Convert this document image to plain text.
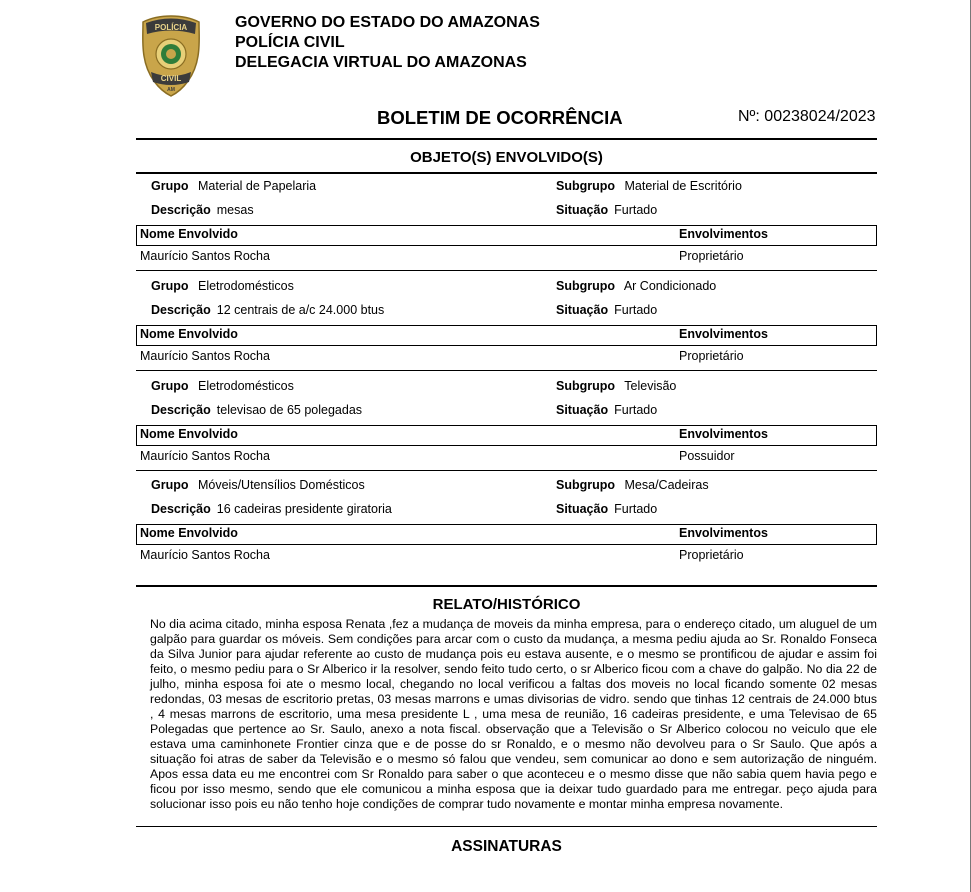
POLÍCIA
CIVIL
AM
GOVERNO DO ESTADO DO AMAZONAS
POLÍCIA CIVIL
DELEGACIA VIRTUAL DO AMAZONAS
BOLETIM DE OCORRÊNCIA	Nº: 00238024/2023
OBJETO(S) ENVOLVIDO(S)
Grupo Material de Papelaria	Subgrupo Material de Escritório
Descrição mesas	Situação Furtado
Nome Envolvido	Envolvimentos
Maurício Santos Rocha	Proprietário
Grupo Eletrodomésticos	Subgrupo Ar Condicionado
Descrição 12 centrais de a/c 24.000 btus	Situação Furtado
Nome Envolvido	Envolvimentos
Maurício Santos Rocha	Proprietário
Grupo Eletrodomésticos	Subgrupo Televisão
Descrição televisao de 65 polegadas	Situação Furtado
Nome Envolvido	Envolvimentos
Maurício Santos Rocha	Possuidor
Grupo Móveis/Utensílios Domésticos	Subgrupo Mesa/Cadeiras
Descrição 16 cadeiras presidente giratoria	Situação Furtado
Nome Envolvido	Envolvimentos
Maurício Santos Rocha	Proprietário
RELATO/HISTÓRICO
No dia acima citado, minha esposa Renata ,fez a mudança de moveis da minha empresa, para o endereço citado, um aluguel de um galpão para guardar os móveis. Sem condições para arcar com o custo da mudança, a mesma pediu ajuda ao Sr. Ronaldo Fonseca da Silva Junior para ajudar referente ao custo de mudança pois eu estava ausente, e o mesmo se prontificou de ajudar e assim foi feito, o mesmo pediu para o Sr Alberico ir la resolver, sendo feito tudo certo, o sr Alberico ficou com a chave do galpão. No dia 22 de julho, minha esposa foi ate o mesmo local, chegando no local verificou a faltas dos moveis no local ficando somente 02 mesas redondas, 03 mesas de escritorio pretas, 03 mesas marrons e umas divisorias de vidro. sendo que tinhas 12 centrais de 24.000 btus , 4 mesas marrons de escritorio, uma mesa presidente L , uma mesa de reunião, 16 cadeiras presidente, e uma Televisao de 65 Polegadas que pertence ao Sr. Saulo, anexo a nota fiscal. observação que a Televisão o Sr Alberico colocou no veiculo que ele estava uma caminhonete Frontier cinza que e de posse do sr Ronaldo, e o mesmo não devolveu para o Sr Saulo. Que após a situação foi atras de saber da Televisão e o mesmo só falou que vendeu, sem comunicar ao dono e sem autorização de ninguém. Apos essa data eu me encontrei com Sr Ronaldo para saber o que aconteceu e o mesmo disse que não sabia quem havia pego e ficou por isso mesmo, sendo que ele comunicou a minha esposa que ia deixar tudo guardado para me entregar. peço ajuda para solucionar isso pois eu não tenho hoje condições de comprar tudo novamente e montar minha empresa novamente.
ASSINATURAS
